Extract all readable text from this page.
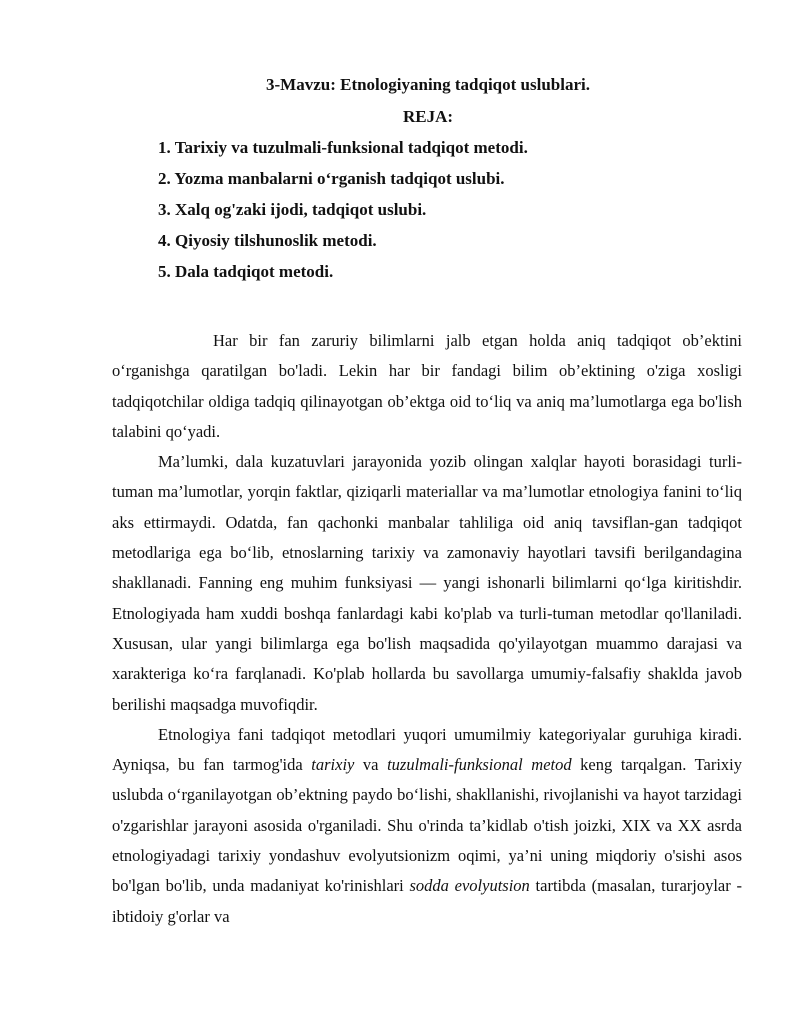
3-Mavzu: Etnologiyaning tadqiqot uslublari.
REJA:
1. Tarixiy va tuzulmali-funksional tadqiqot metodi.
2. Yozma manbalarni o‘rganish tadqiqot uslubi.
3. Xalq og'zaki ijodi, tadqiqot uslubi.
4. Qiyosiy tilshunoslik metodi.
5. Dala tadqiqot metodi.

Har bir fan zaruriy bilimlarni jalb etgan holda aniq tadqiqot ob’ektini o‘rganishga qaratilgan bo'ladi. Lekin har bir fandagi bilim ob’ektining o'ziga xosligi tadqiqotchilar oldiga tadqiq qilinayotgan ob’ektga oid to‘liq va aniq ma’lumotlarga ega bo'lish talabini qo‘yadi.

Ma’lumki, dala kuzatuvlari jarayonida yozib olingan xalqlar hayoti borasidagi turli-tuman ma’lumotlar, yorqin faktlar, qiziqarli materiallar va ma’lumotlar etnologiya fanini to‘liq aks ettirmaydi. Odatda, fan qachonki manbalar tahliliga oid aniq tavsiflan-gan tadqiqot metodlariga ega bo‘lib, etnoslarning tarixiy va zamonaviy hayotlari tavsifi berilgandagina shakllanadi. Fanning eng muhim funksiyasi — yangi ishonarli bilimlarni qo‘lga kiritishdir. Etnologiyada ham xuddi boshqa fanlardagi kabi ko'plab va turli-tuman metodlar qo'llaniladi. Xususan, ular yangi bilimlarga ega bo'lish maqsadida qo'yilayotgan muammo darajasi va xarakteriga ko‘ra farqlanadi. Ko'plab hollarda bu savollarga umumiy-falsafiy shaklda javob berilishi maqsadga muvofiqdir.

Etnologiya fani tadqiqot metodlari yuqori umumilmiy kategoriyalar guruhiga kiradi. Ayniqsa, bu fan tarmog'ida tarixiy va tuzulmali-funksional metod keng tarqalgan. Tarixiy uslubda o‘rganilayotgan ob’ektning paydo bo‘lishi, shakllanishi, rivojlanishi va hayot tarzidagi o'zgarishlar jarayoni asosida o'rganiladi. Shu o'rinda ta’kidlab o'tish joizki, XIX va XX asrda etnologiyadagi tarixiy yondashuv evolyutsionizm oqimi, ya’ni uning miqdoriy o'sishi asos bo'lgan bo'lib, unda madaniyat ko'rinishlari sodda evolyutsion tartibda (masalan, turarjoylar - ibtidoiy g'orlar va
